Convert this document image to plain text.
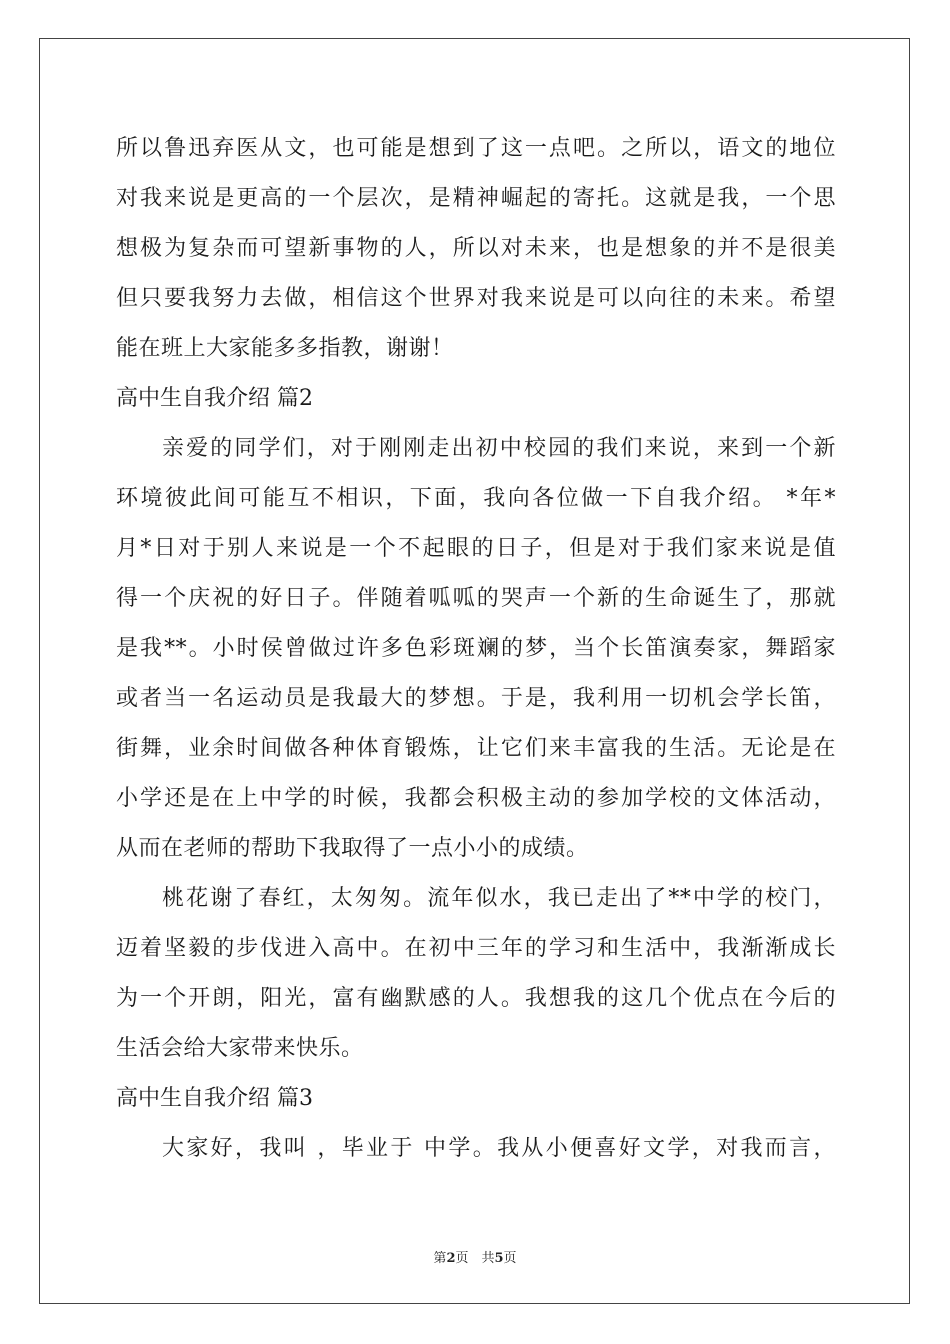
所以鲁迅弃医从文，也可能是想到了这一点吧。之所以，语文的地位
对我来说是更高的一个层次，是精神崛起的寄托。这就是我，一个思
想极为复杂而可望新事物的人，所以对未来，也是想象的并不是很美
但只要我努力去做，相信这个世界对我来说是可以向往的未来。希望
能在班上大家能多多指教，谢谢！
高中生自我介绍 篇2
亲爱的同学们，对于刚刚走出初中校园的我们来说，来到一个新
环境彼此间可能互不相识，下面，我向各位做一下自我介绍。 *年*
月*日对于别人来说是一个不起眼的日子，但是对于我们家来说是值
得一个庆祝的好日子。伴随着呱呱的哭声一个新的生命诞生了，那就
是我**。小时侯曾做过许多色彩斑斓的梦，当个长笛演奏家，舞蹈家
或者当一名运动员是我最大的梦想。于是，我利用一切机会学长笛，
街舞，业余时间做各种体育锻炼，让它们来丰富我的生活。无论是在
小学还是在上中学的时候，我都会积极主动的参加学校的文体活动，
从而在老师的帮助下我取得了一点小小的成绩。
桃花谢了春红，太匆匆。流年似水，我已走出了**中学的校门，
迈着坚毅的步伐进入高中。在初中三年的学习和生活中，我渐渐成长
为一个开朗，阳光，富有幽默感的人。我想我的这几个优点在今后的
生活会给大家带来快乐。
高中生自我介绍 篇3
大家好，我叫 ，毕业于 中学。我从小便喜好文学，对我而言，
第2页　共5页
